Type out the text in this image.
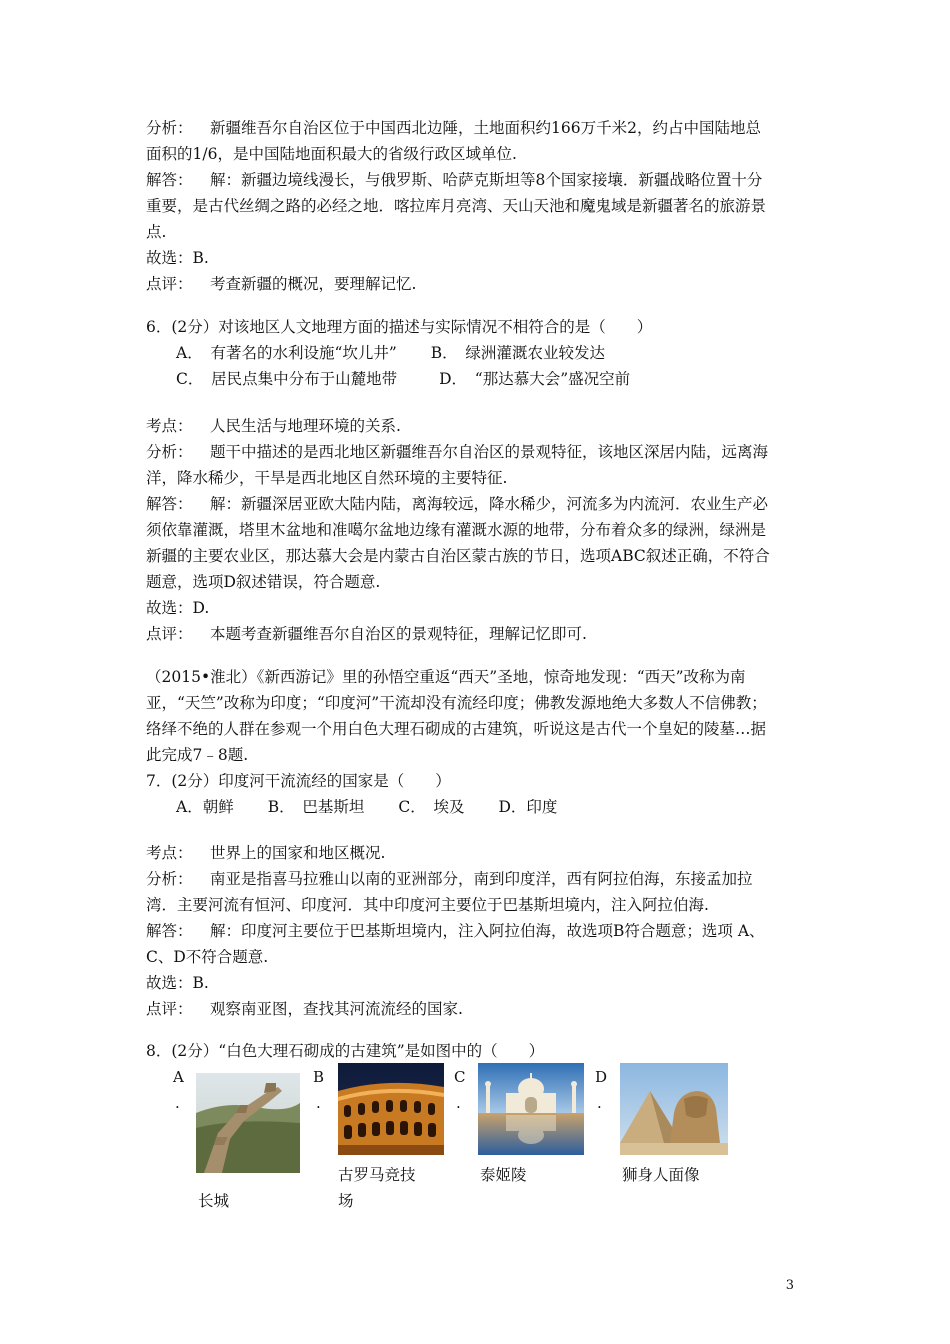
分析： 新疆维吾尔自治区位于中国西北边陲，土地面积约166万千米2，约占中国陆地总
面积的1/6，是中国陆地面积最大的省级行政区域单位.
解答： 解：新疆边境线漫长，与俄罗斯、哈萨克斯坦等8个国家接壤．新疆战略位置十分
重要，是古代丝绸之路的必经之地．喀拉库月亮湾、天山天池和魔鬼域是新疆著名的旅游景
点.
故选：B.
点评： 考查新疆的概况，要理解记忆.
6．(2分）对该地区人文地理方面的描述与实际情况不相符合的是（　　）
A．　有著名的水利设施“坎儿井” B．　绿洲灌溉农业较发达
C．　居民点集中分布于山麓地带	D．　“那达慕大会”盛况空前
考点： 人民生活与地理环境的关系.
分析： 题干中描述的是西北地区新疆维吾尔自治区的景观特征，该地区深居内陆，远离海
洋，降水稀少，干旱是西北地区自然环境的主要特征.
解答： 解：新疆深居亚欧大陆内陆，离海较远，降水稀少，河流多为内流河．农业生产必
须依靠灌溉，塔里木盆地和准噶尔盆地边缘有灌溉水源的地带，分布着众多的绿洲，绿洲是
新疆的主要农业区，那达慕大会是内蒙古自治区蒙古族的节日，选项ABC叙述正确，不符合
题意，选项D叙述错误，符合题意.
故选：D.
点评： 本题考查新疆维吾尔自治区的景观特征，理解记忆即可.
（2015•淮北）《新西游记》里的孙悟空重返“西天”圣地，惊奇地发现：“西天”改称为南
亚，“天竺”改称为印度；“印度河”干流却没有流经印度；佛教发源地绝大多数人不信佛教；
络绎不绝的人群在参观一个用白色大理石砌成的古建筑，听说这是古代一个皇妃的陵墓…据
此完成7﹣8题.
7．(2分）印度河干流流经的国家是（　　）
A．朝鲜 B．　巴基斯坦 C．　埃及 D．印度
考点： 世界上的国家和地区概况.
分析： 南亚是指喜马拉雅山以南的亚洲部分，南到印度洋，西有阿拉伯海，东接孟加拉
湾．主要河流有恒河、印度河．其中印度河主要位于巴基斯坦境内，注入阿拉伯海.
解答： 解：印度河主要位于巴基斯坦境内，注入阿拉伯海，故选项B符合题意；选项 A、
C、D不符合题意.
故选：B.
点评： 观察南亚图，查找其河流流经的国家.
8．(2分）“白色大理石砌成的古建筑”是如图中的（　　）
A
.
长城
B
.
古罗马竞技
场
C
.
泰姬陵
D
.
狮身人面像
3
